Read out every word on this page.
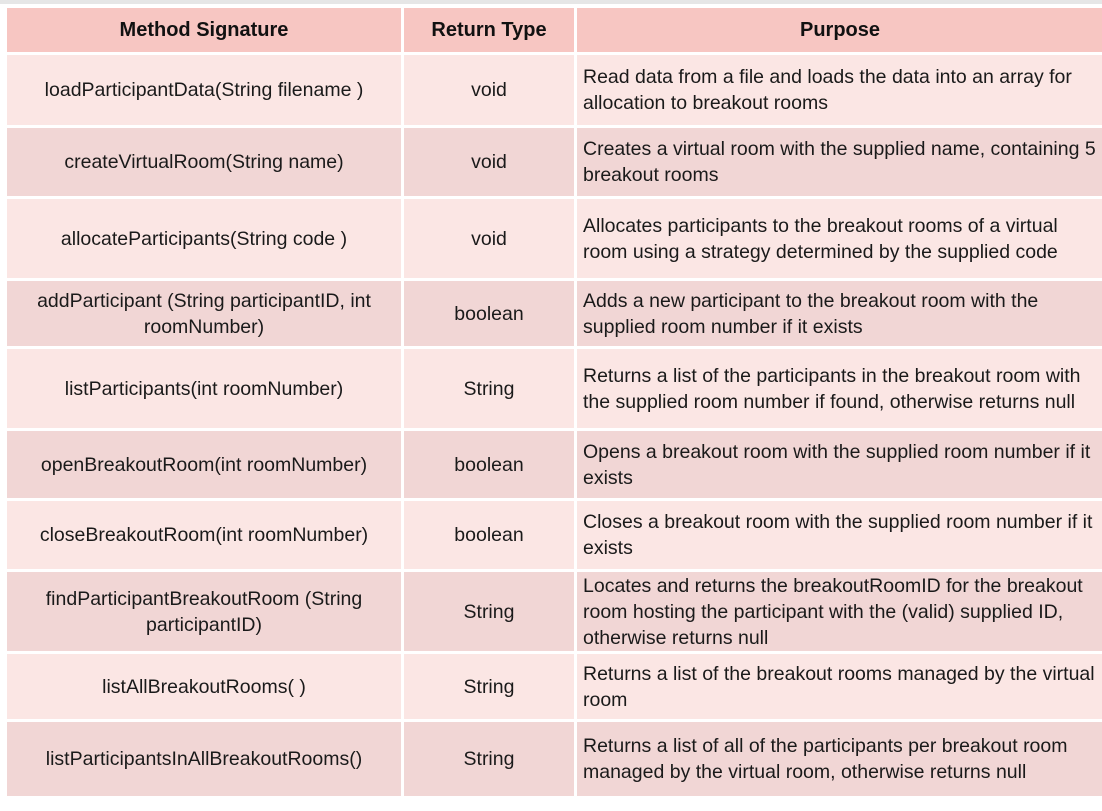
Method Signature	Return Type	Purpose
loadParticipantData(String filename )	void	Read data from a file and loads the data into an array for allocation to breakout rooms
createVirtualRoom(String name)	void	Creates a virtual room with the supplied name, containing 5 breakout rooms
allocateParticipants(String code )	void	Allocates participants to the breakout rooms of a virtual room using a strategy determined by the supplied code
addParticipant (String participantID, int roomNumber)	boolean	Adds a new participant to the breakout room with the supplied room number if it exists
listParticipants(int roomNumber)	String	Returns a list of the participants in the breakout room with the supplied room number if found, otherwise returns null
openBreakoutRoom(int roomNumber)	boolean	Opens a breakout room with the supplied room number if it exists
closeBreakoutRoom(int roomNumber)	boolean	Closes a breakout room with the supplied room number if it exists
findParticipantBreakoutRoom (String participantID)	String	Locates and returns the breakoutRoomID for the breakout room hosting the participant with the (valid) supplied ID, otherwise returns null
listAllBreakoutRooms( )	String	Returns a list of the breakout rooms managed by the virtual room
listParticipantsInAllBreakoutRooms()	String	Returns a list of all of the participants per breakout room managed by the virtual room, otherwise returns null
